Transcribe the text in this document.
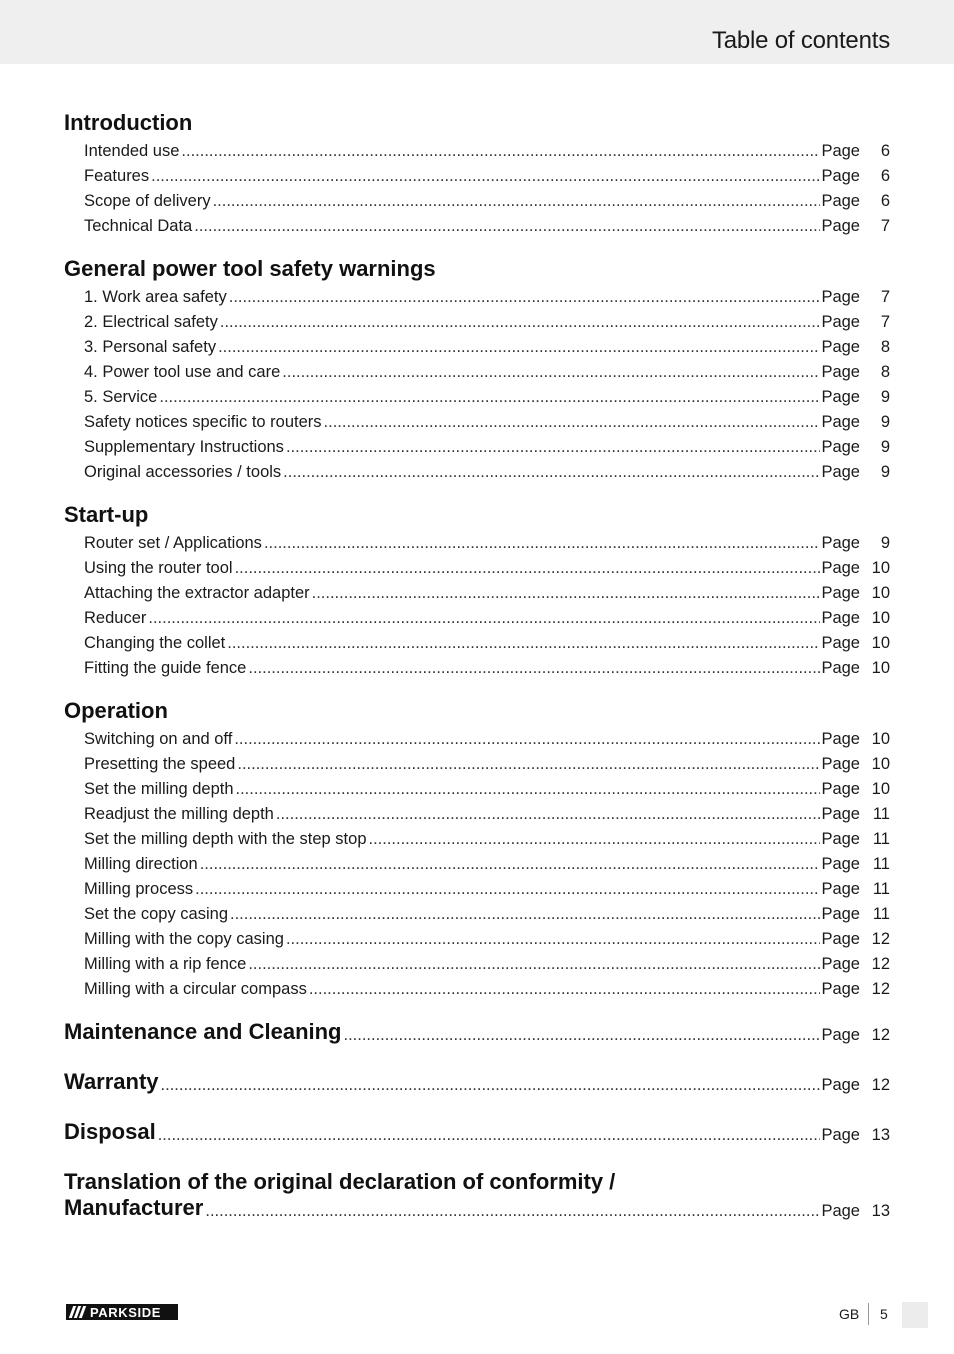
Table of contents
Introduction
Intended use .....	Page	6
Features .....	Page	6
Scope of delivery .....	Page	6
Technical Data .....	Page	7
General power tool safety warnings
1. Work area safety .....	Page	7
2. Electrical safety .....	Page	7
3. Personal safety .....	Page	8
4. Power tool use and care .....	Page	8
5. Service .....	Page	9
Safety notices specific to routers .....	Page	9
Supplementary Instructions .....	Page	9
Original accessories / tools .....	Page	9
Start-up
Router set / Applications .....	Page	9
Using the router tool .....	Page 10
Attaching the extractor adapter .....	Page 10
Reducer .....	Page 10
Changing the collet .....	Page 10
Fitting the guide fence .....	Page 10
Operation
Switching on and off .....	Page 10
Presetting the speed .....	Page 10
Set the milling depth .....	Page 10
Readjust the milling depth .....	Page 11
Set the milling depth with the step stop .....	Page 11
Milling direction .....	Page 11
Milling process .....	Page 11
Set the copy casing .....	Page 11
Milling with the copy casing .....	Page 12
Milling with a rip fence .....	Page 12
Milling with a circular compass .....	Page 12
Maintenance and Cleaning .....	Page 12
Warranty .....	Page 12
Disposal .....	Page 13
Translation of the original declaration of conformity /
Manufacturer .....	Page 13
PARKSIDE	GB 5
